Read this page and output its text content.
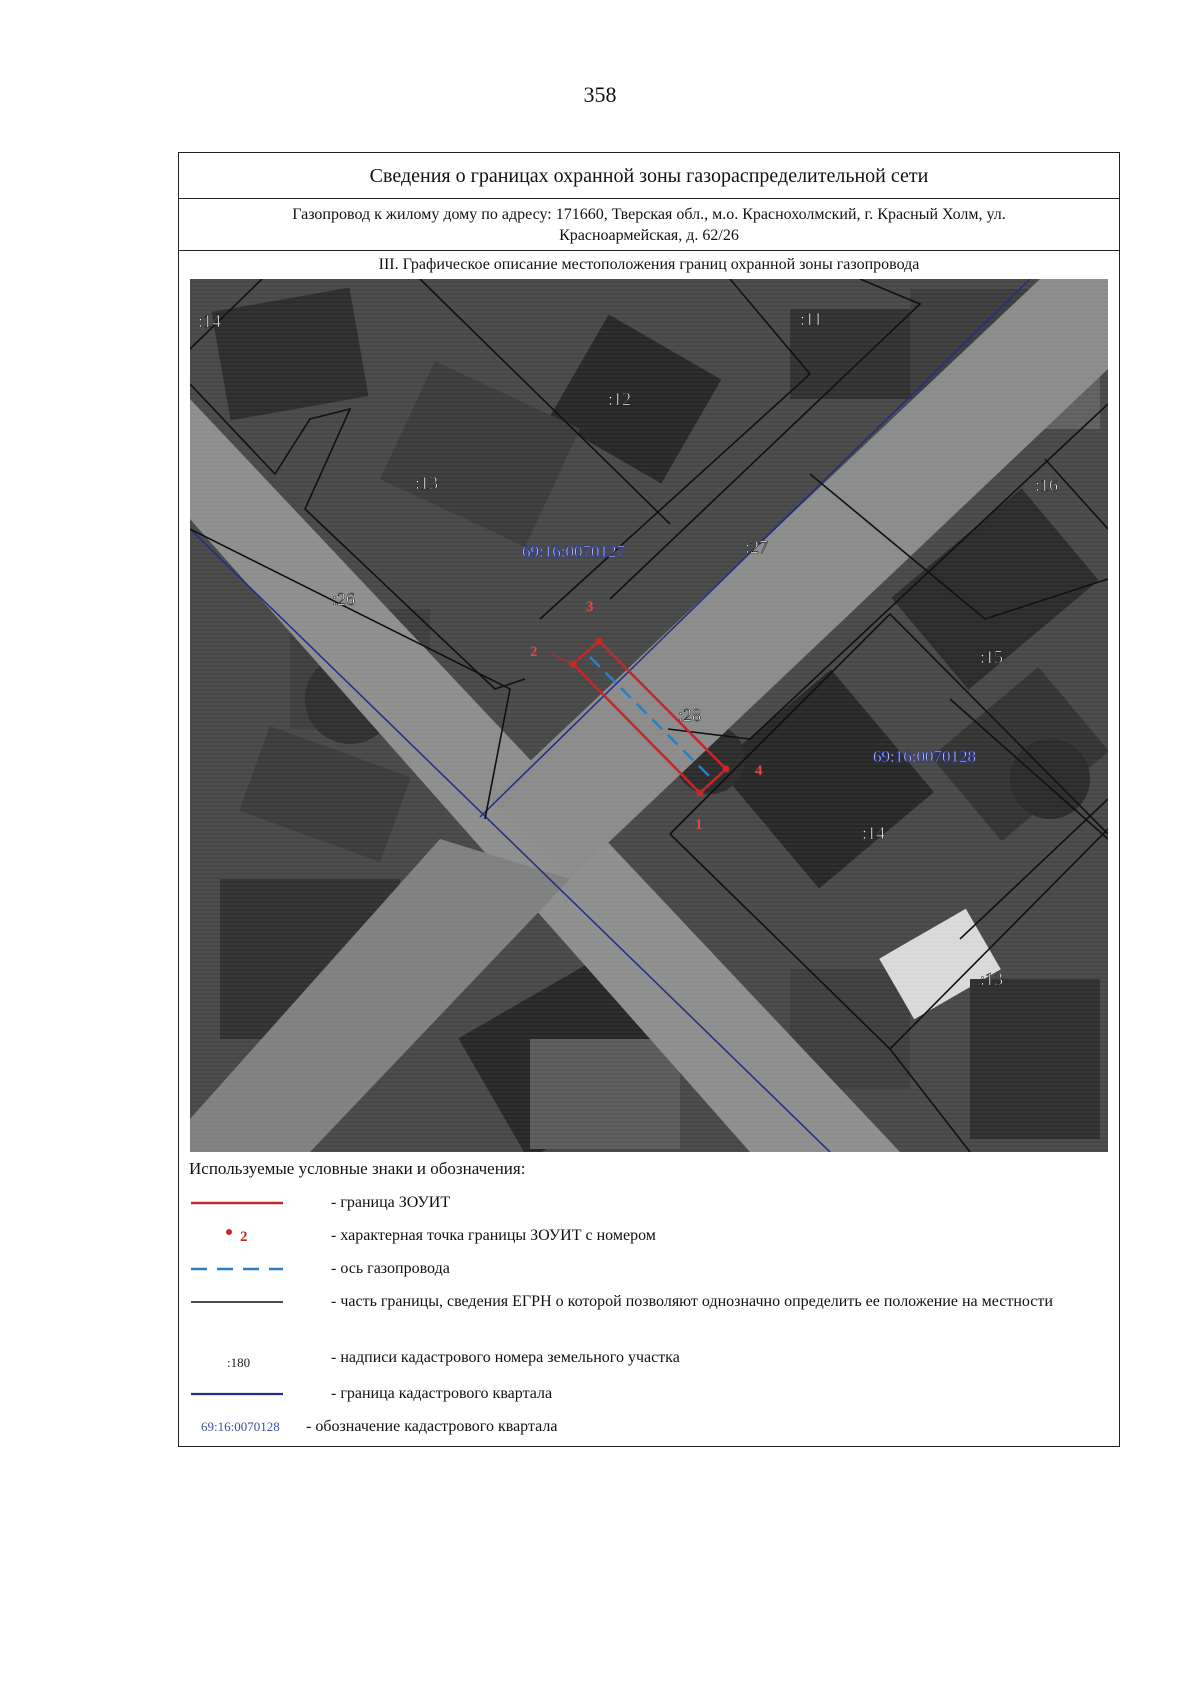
358
Сведения о границах охранной зоны газораспределительной сети
Газопровод к жилому дому по адресу: 171660, Тверская обл., м.о. Краснохолмский, г. Красный Холм, ул.
Красноармейская, д. 62/26
III. Графическое описание местоположения границ охранной зоны газопровода
:14	:11
:12
:13	:16
:26
:27
:28
:15
:14
:13
69:16:0070127
69:16:0070128
1
2
3
4
Используемые условные знаки и обозначения:
- граница ЗОУИТ
2	- характерная точка границы ЗОУИТ с номером
- ось газопровода
- часть границы, сведения ЕГРН о которой позволяют однозначно определить ее положение на местности
:180	- надписи кадастрового номера земельного участка
- граница кадастрового квартала
69:16:0070128 - обозначение кадастрового квартала
